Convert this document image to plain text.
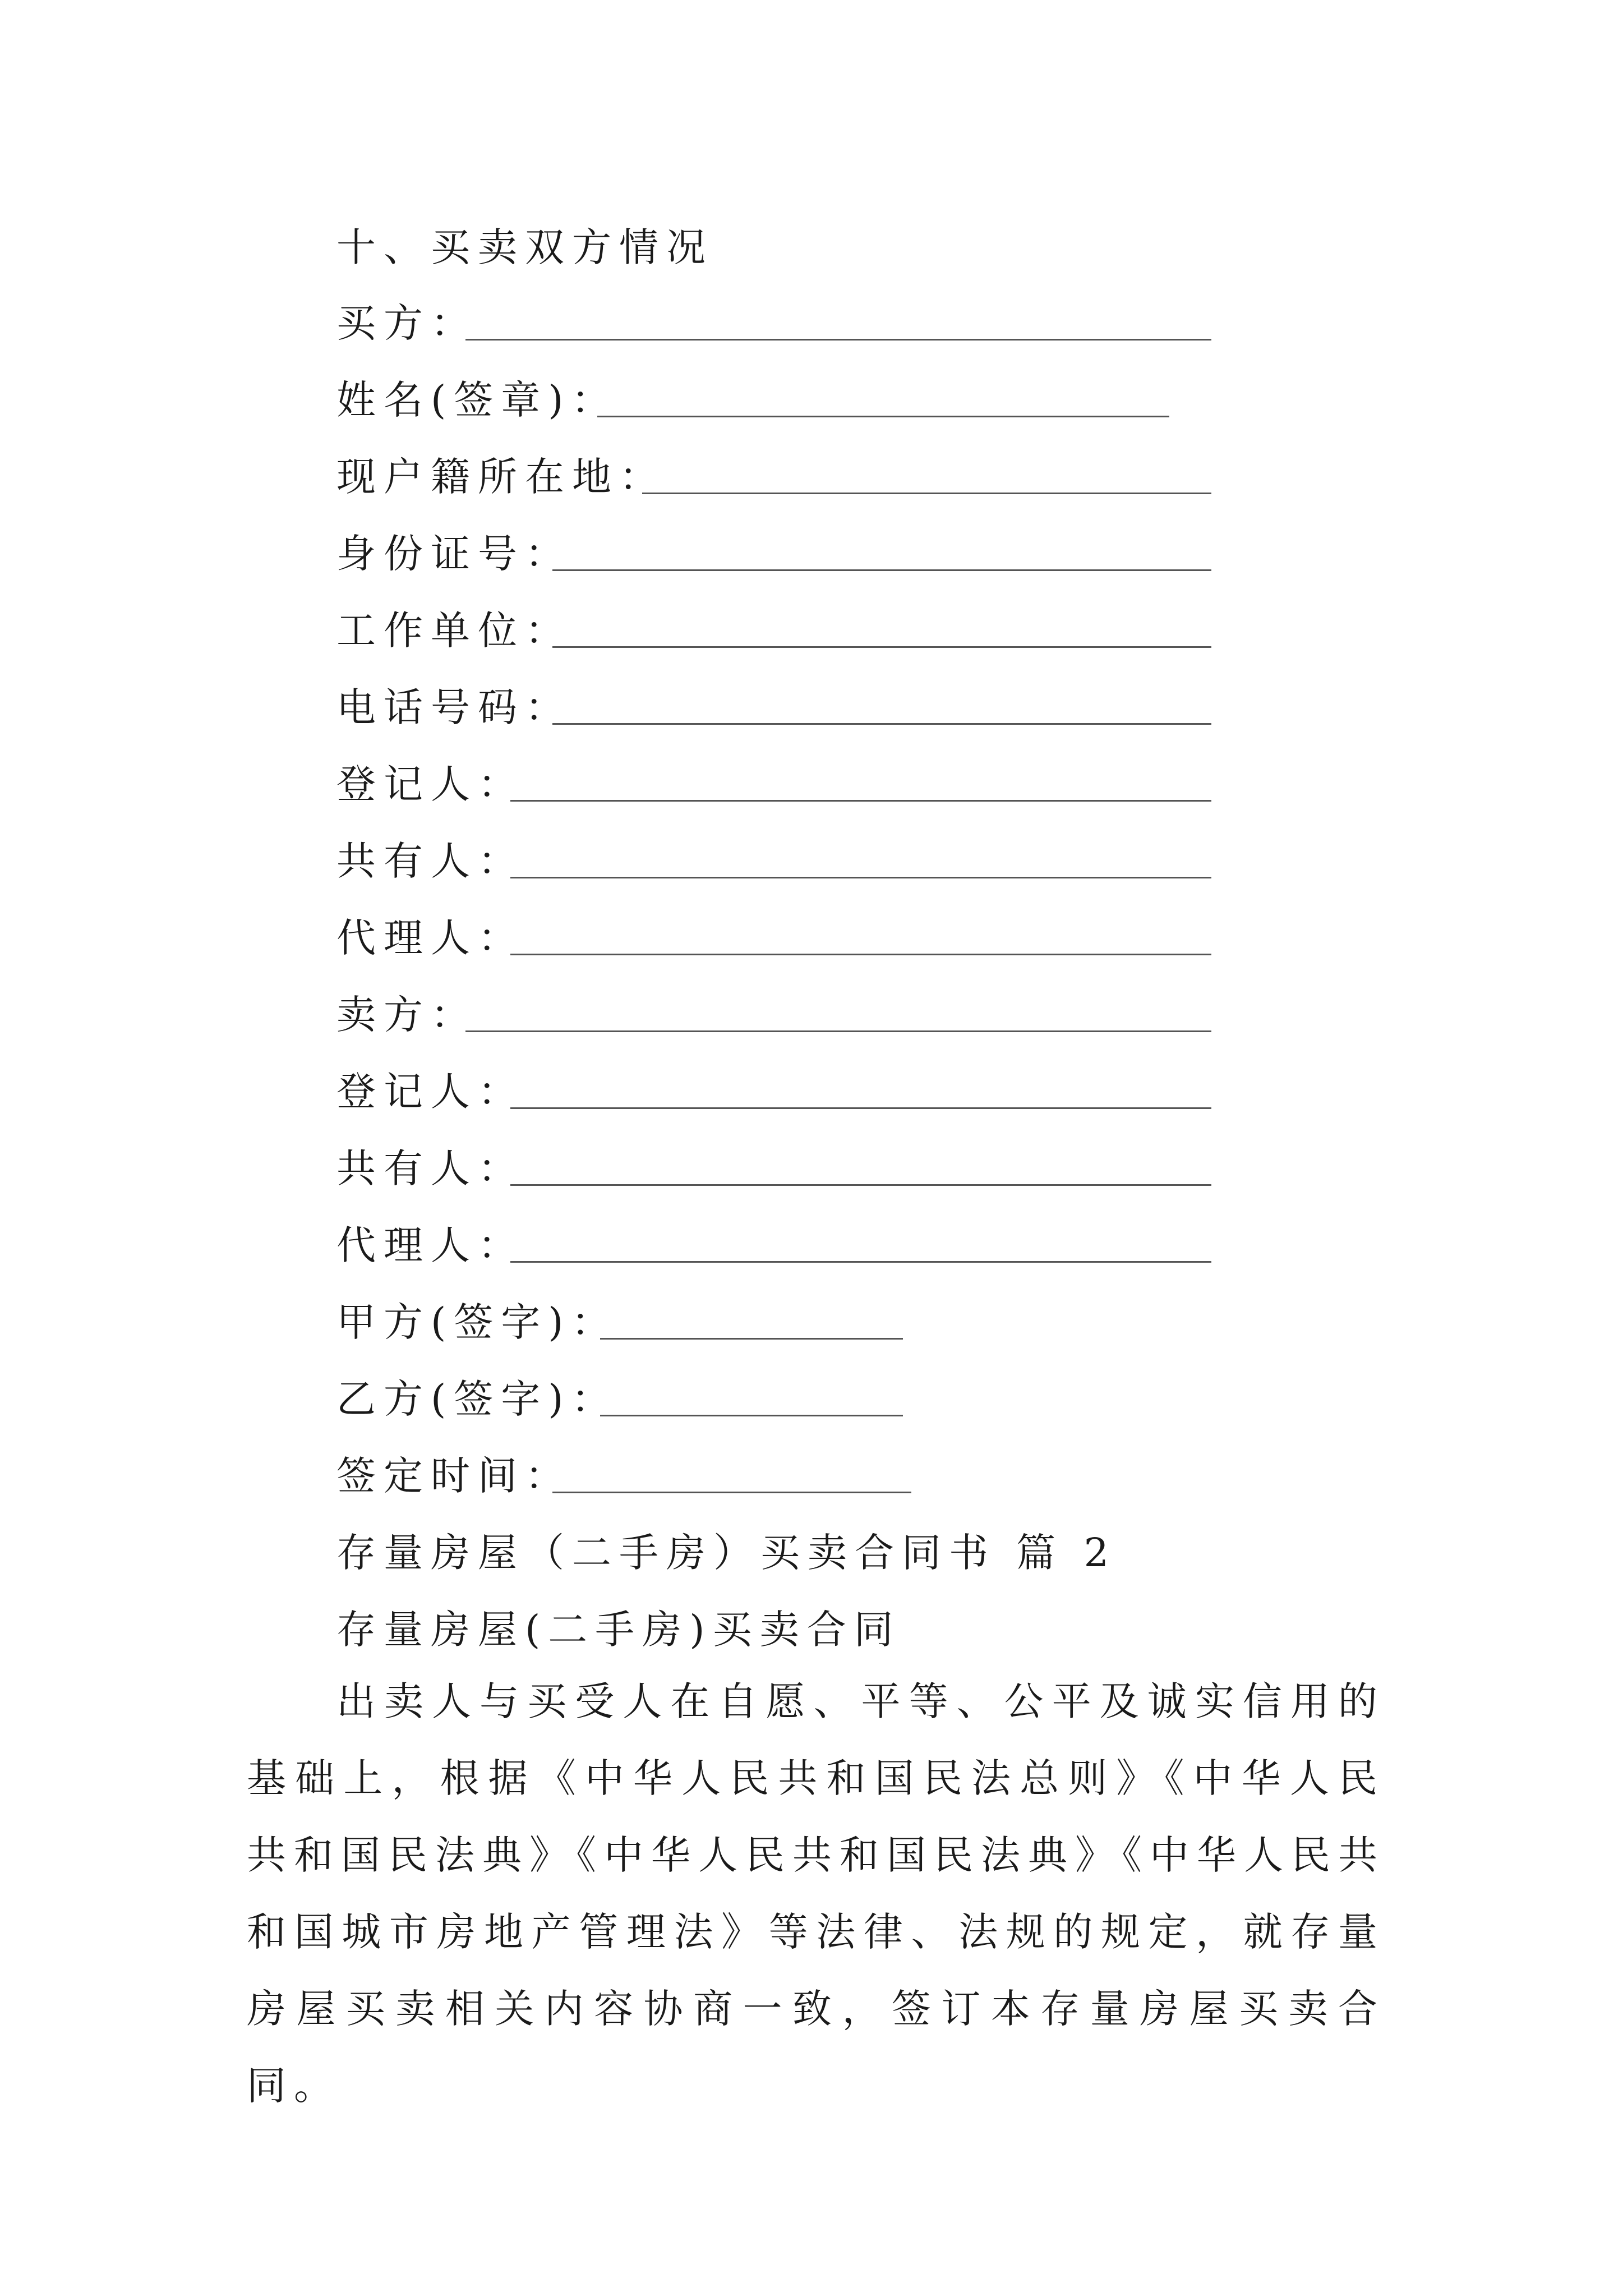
十、买卖双方情况
买方：
姓名(签章)：
现户籍所在地：
身份证号：
工作单位：
电话号码：
登记人：
共有人：
代理人：
卖方：
登记人：
共有人：
代理人：
甲方(签字)：
乙方(签字)：
签定时间：
存量房屋（二手房）买卖合同书 篇 2
存量房屋(二手房)买卖合同
出卖人与买受人在自愿、平等、公平及诚实信用的基础上，根据《中华人民共和国民法总则》《中华人民共和国民法典》《中华人民共和国民法典》《中华人民共和国城市房地产管理法》等法律、法规的规定，就存量房屋买卖相关内容协商一致，签订本存量房屋买卖合同。
